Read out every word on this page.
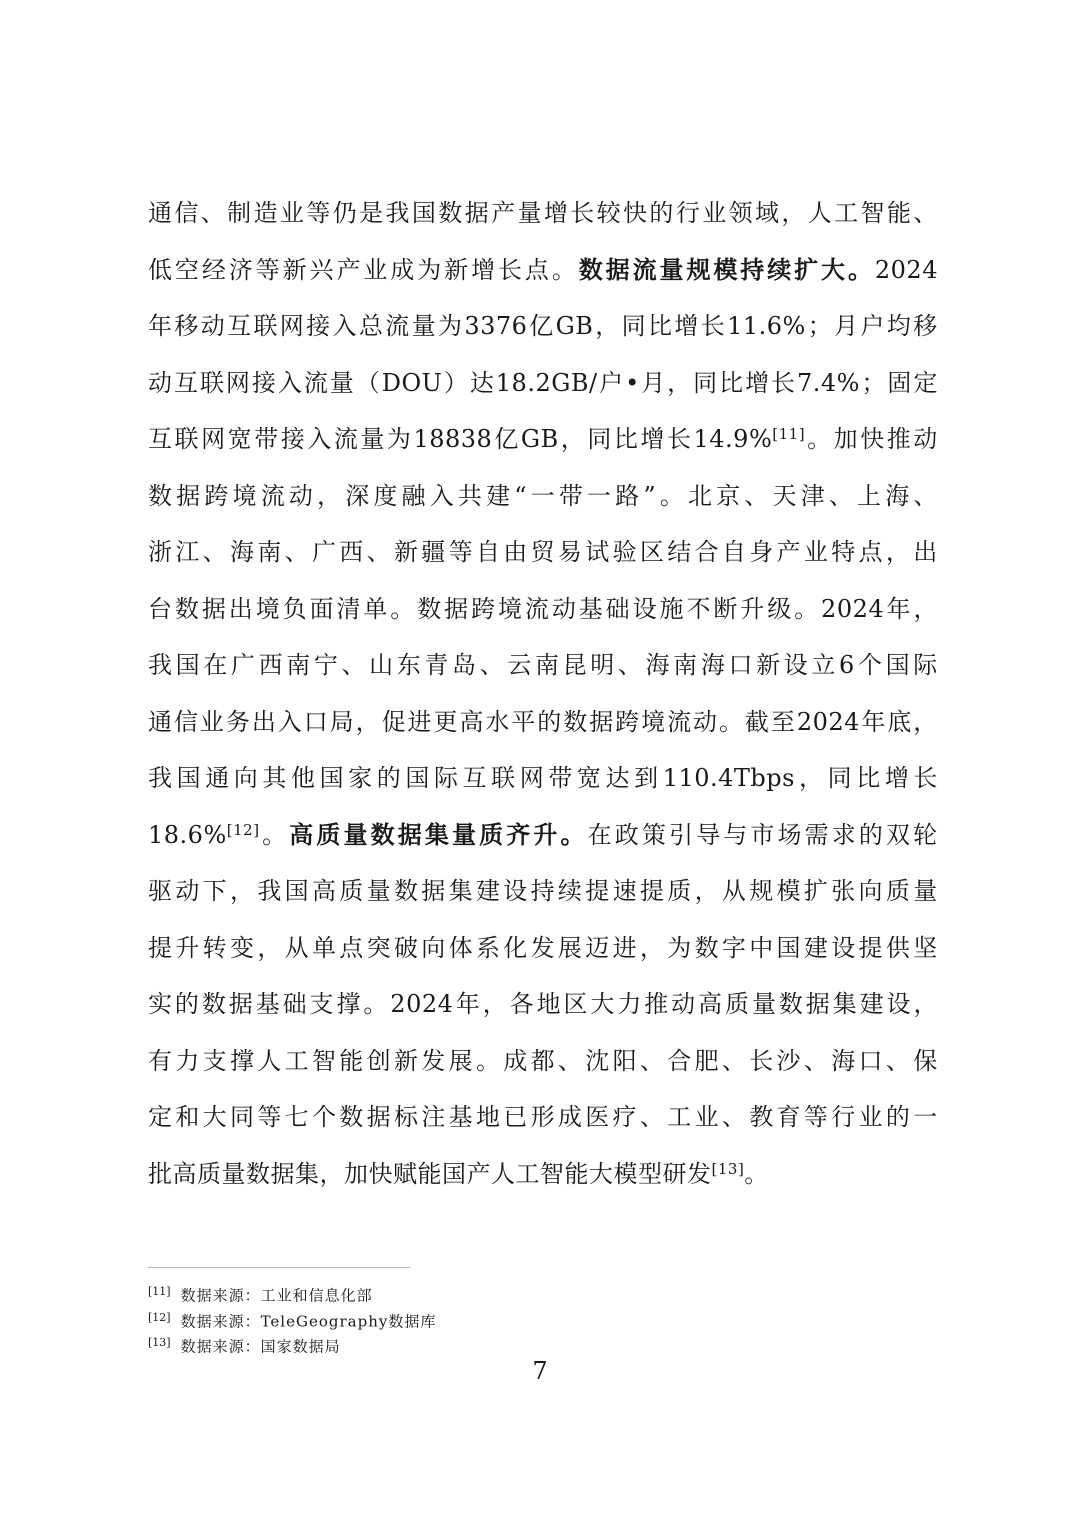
通 信 、 制 造 业 等 仍 是 我 国 数 据 产 量 增 长 较 快 的 行 业 领 域 ， 人 工 智 能 、
低 空 经 济 等 新 兴 产 业 成 为 新 增 长 点 。 数 据 流 量 规 模 持 续 扩 大 。 2024
年 移 动 互 联 网 接 入 总 流 量 为 3376 亿 GB ， 同 比 增 长 11.6% ； 月 户 均 移
动 互 联 网 接 入 流 量 （ DOU ） 达 18.2GB/ 户 • 月 ， 同 比 增 长 7.4% ； 固 定
互 联 网 宽 带 接 入 流 量 为 18838 亿 GB ， 同 比 增 长 14.9%[11] 。 加 快 推 动
数 据 跨 境 流 动 ， 深 度 融 入 共 建 “ 一 带 一 路 ” 。 北 京 、 天 津 、 上 海 、
浙 江 、 海 南 、 广 西 、 新 疆 等 自 由 贸 易 试 验 区 结 合 自 身 产 业 特 点 ， 出
台 数 据 出 境 负 面 清 单 。 数 据 跨 境 流 动 基 础 设 施 不 断 升 级 。 2024 年 ，
我 国 在 广 西 南 宁 、 山 东 青 岛 、 云 南 昆 明 、 海 南 海 口 新 设 立 6 个 国 际
通 信 业 务 出 入 口 局 ， 促 进 更 高 水 平 的 数 据 跨 境 流 动 。 截 至 2024 年 底 ，
我 国 通 向 其 他 国 家 的 国 际 互 联 网 带 宽 达 到 110.4Tbps ， 同 比 增 长
18.6%[12] 。 高 质 量 数 据 集 量 质 齐 升 。 在 政 策 引 导 与 市 场 需 求 的 双 轮
驱 动 下 ， 我 国 高 质 量 数 据 集 建 设 持 续 提 速 提 质 ， 从 规 模 扩 张 向 质 量
提 升 转 变 ， 从 单 点 突 破 向 体 系 化 发 展 迈 进 ， 为 数 字 中 国 建 设 提 供 坚
实 的 数 据 基 础 支 撑 。 2024 年 ， 各 地 区 大 力 推 动 高 质 量 数 据 集 建 设 ，
有 力 支 撑 人 工 智 能 创 新 发 展 。 成 都 、 沈 阳 、 合 肥 、 长 沙 、 海 口 、 保
定 和 大 同 等 七 个 数 据 标 注 基 地 已 形 成 医 疗 、 工 业 、 教 育 等 行 业 的 一
批 高 质 量 数 据 集 ， 加 快 赋 能 国 产 人 工 智 能 大 模 型 研 发[13] 。
[11] 数据来源：工业和信息化部
[12] 数据来源：TeleGeography数据库
[13] 数据来源：国家数据局
7
